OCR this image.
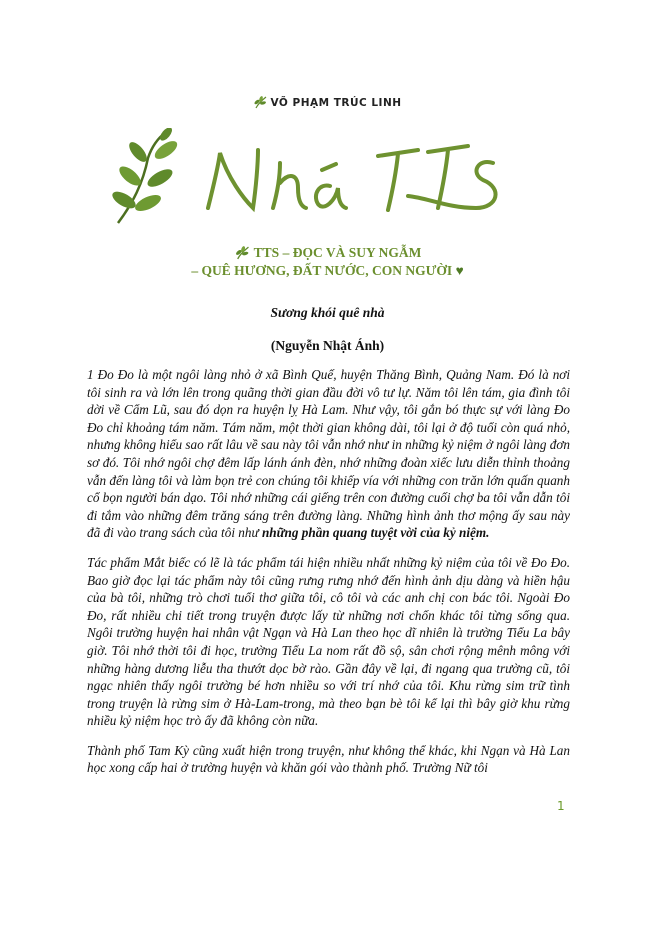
VÕ PHẠM TRÚC LINH
TTS – ĐỌC VÀ SUY NGẪM
– QUÊ HƯƠNG, ĐẤT NƯỚC, CON NGƯỜI ♥
Sương khói quê nhà
(Nguyễn Nhật Ánh)

1 Đo Đo là một ngôi làng nhỏ ở xã Bình Quế, huyện Thăng Bình, Quảng Nam. Đó là nơi tôi sinh ra và lớn lên trong quãng thời gian đầu đời vô tư lự. Năm tôi lên tám, gia đình tôi dời về Cẩm Lũ, sau đó dọn ra huyện lỵ Hà Lam. Như vậy, tôi gắn bó thực sự với làng Đo Đo chỉ khoảng tám năm. Tám năm, một thời gian không dài, tôi lại ở độ tuổi còn quá nhỏ, nhưng không hiểu sao rất lâu về sau này tôi vẫn nhớ như in những kỷ niệm ở ngôi làng đơn sơ đó. Tôi nhớ ngôi chợ đêm lấp lánh ánh đèn, nhớ những đoàn xiếc lưu diễn thỉnh thoảng vẫn đến làng tôi và làm bọn trẻ con chúng tôi khiếp vía với những con trăn lớn quấn quanh cổ bọn người bán dạo. Tôi nhớ những cái giếng trên con đường cuối chợ ba tôi vẫn dẫn tôi đi tắm vào những đêm trăng sáng trên đường làng. Những hình ảnh thơ mộng ấy sau này đã đi vào trang sách của tôi như những phần quang tuyệt vời của kỷ niệm.

Tác phẩm Mắt biếc có lẽ là tác phẩm tái hiện nhiều nhất những kỷ niệm của tôi về Đo Đo. Bao giờ đọc lại tác phẩm này tôi cũng rưng rưng nhớ đến hình ảnh dịu dàng và hiền hậu của bà tôi, những trò chơi tuổi thơ giữa tôi, cô tôi và các anh chị con bác tôi. Ngoài Đo Đo, rất nhiều chi tiết trong truyện được lấy từ những nơi chốn khác tôi từng sống qua. Ngôi trường huyện hai nhân vật Ngạn và Hà Lan theo học dĩ nhiên là trường Tiểu La bây giờ. Tôi nhớ thời tôi đi học, trường Tiểu La nom rất đồ sộ, sân chơi rộng mênh mông với những hàng dương liễu tha thướt dọc bờ rào. Gần đây về lại, đi ngang qua trường cũ, tôi ngạc nhiên thấy ngôi trường bé hơn nhiều so với trí nhớ của tôi. Khu rừng sim trữ tình trong truyện là rừng sim ở Hà-Lam-trong, mà theo bạn bè tôi kể lại thì bây giờ khu rừng nhiều kỷ niệm học trò ấy đã không còn nữa.

Thành phố Tam Kỳ cũng xuất hiện trong truyện, như không thể khác, khi Ngạn và Hà Lan học xong cấp hai ở trường huyện và khăn gói vào thành phố. Trường Nữ tôi

1
